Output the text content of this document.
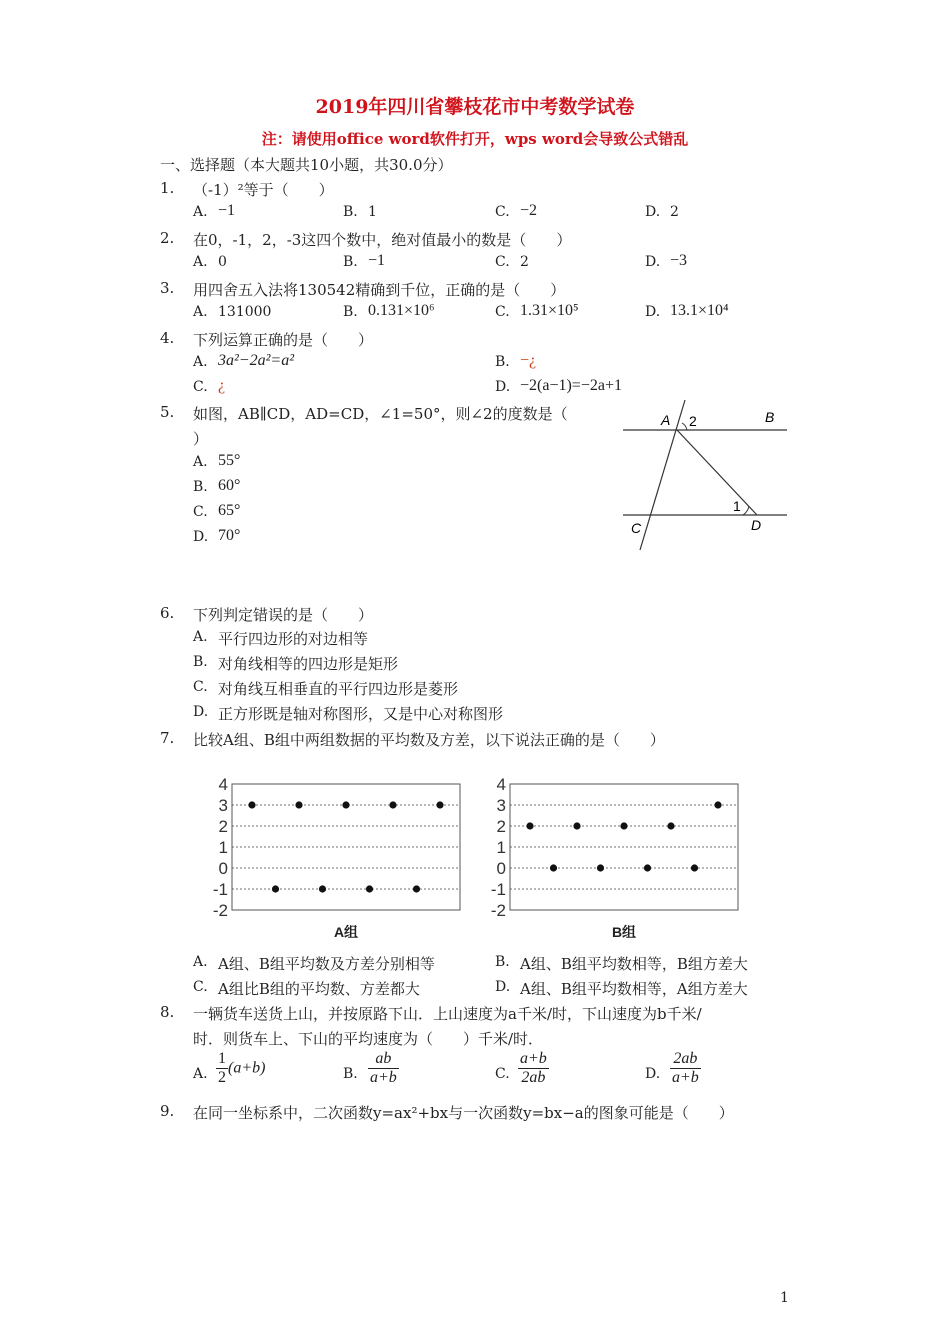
2019年四川省攀枝花市中考数学试卷
注：请使用office word软件打开，wps word会导致公式错乱
一、选择题（本大题共10小题，共30.0分）
1. （-1）²等于（　　）
A. −1	B. 1	C. −2	D. 2
2. 在0，-1，2，-3这四个数中，绝对值最小的数是（　　）
A. 0	B. −1	C. 2	D. −3
3. 用四舍五入法将130542精确到千位，正确的是（　　）
A. 131000	B. 0.131×10⁶	C. 1.31×10⁵	D. 13.1×10⁴
4. 下列运算正确的是（　　）
A. 3a²−2a²=a²	B. −¿
C. ¿	D. −2(a−1)=−2a+1
5. 如图，AB∥CD，AD=CD，∠1=50°，则∠2的度数是（
）
A. 55°
B. 60°
C. 65°
D. 70°
A 2	B
C
1
D
6. 下列判定错误的是（　　）
A. 平行四边形的对边相等
B. 对角线相等的四边形是矩形
C. 对角线互相垂直的平行四边形是菱形
D. 正方形既是轴对称图形，又是中心对称图形
7. 比较A组、B组中两组数据的平均数及方差，以下说法正确的是（　　）
4
3
2
1
0
-1
-2
A组
4
3
2
1
0
-1
-2
B组
A. A组、B组平均数及方差分别相等	B. A组、B组平均数相等，B组方差大
C. A组比B组的平均数、方差都大	D. A组、B组平均数相等，A组方差大
8. 一辆货车送货上山，并按原路下山．上山速度为a千米/时，下山速度为b千米/
时．则货车上、下山的平均速度为（　　）千米/时．
A. $\frac{1}{2} (a+b)$	B. $\frac{ab}{a+b}$	C. $\frac{a+b}{2ab}$	D. $\frac{2ab}{a+b}$
9. 在同一坐标系中，二次函数y=ax²+bx与一次函数y=bx−a的图象可能是（　　）
1
